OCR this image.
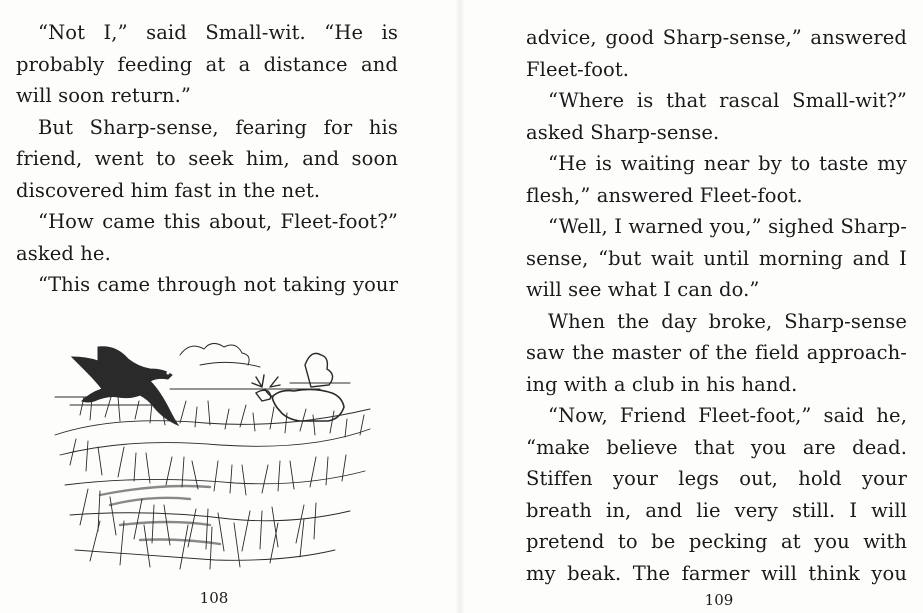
“Not I,” said Small-wit. “He is
probably feeding at a distance and
will soon return.”
But Sharp-sense, fearing for his
friend, went to seek him, and soon
discovered him fast in the net.
“How came this about, Fleet-foot?”
asked he.
“This came through not taking your
108
advice, good Sharp-sense,” answered
Fleet-foot.
“Where is that rascal Small-wit?”
asked Sharp-sense.
“He is waiting near by to taste my
flesh,” answered Fleet-foot.
“Well, I warned you,” sighed Sharp-
sense, “but wait until morning and I
will see what I can do.”
When the day broke, Sharp-sense
saw the master of the field approach-
ing with a club in his hand.
“Now, Friend Fleet-foot,” said he,
“make believe that you are dead.
Stiffen your legs out, hold your
breath in, and lie very still. I will
pretend to be pecking at you with
my beak. The farmer will think you
109
